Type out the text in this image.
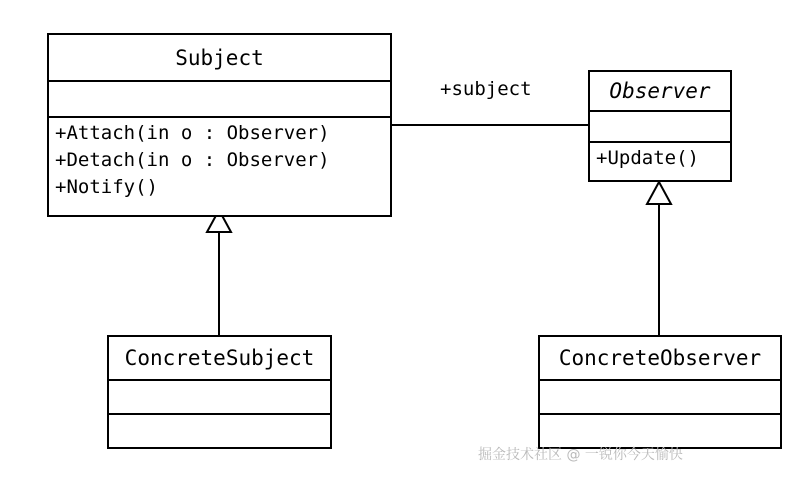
Subject
+Attach(in o : Observer)
+Detach(in o : Observer)
+Notify()
Observer
+Update()
ConcreteSubject	ConcreteObserver
+subject
掘金技术社区 @ 一锐你今天愉快
